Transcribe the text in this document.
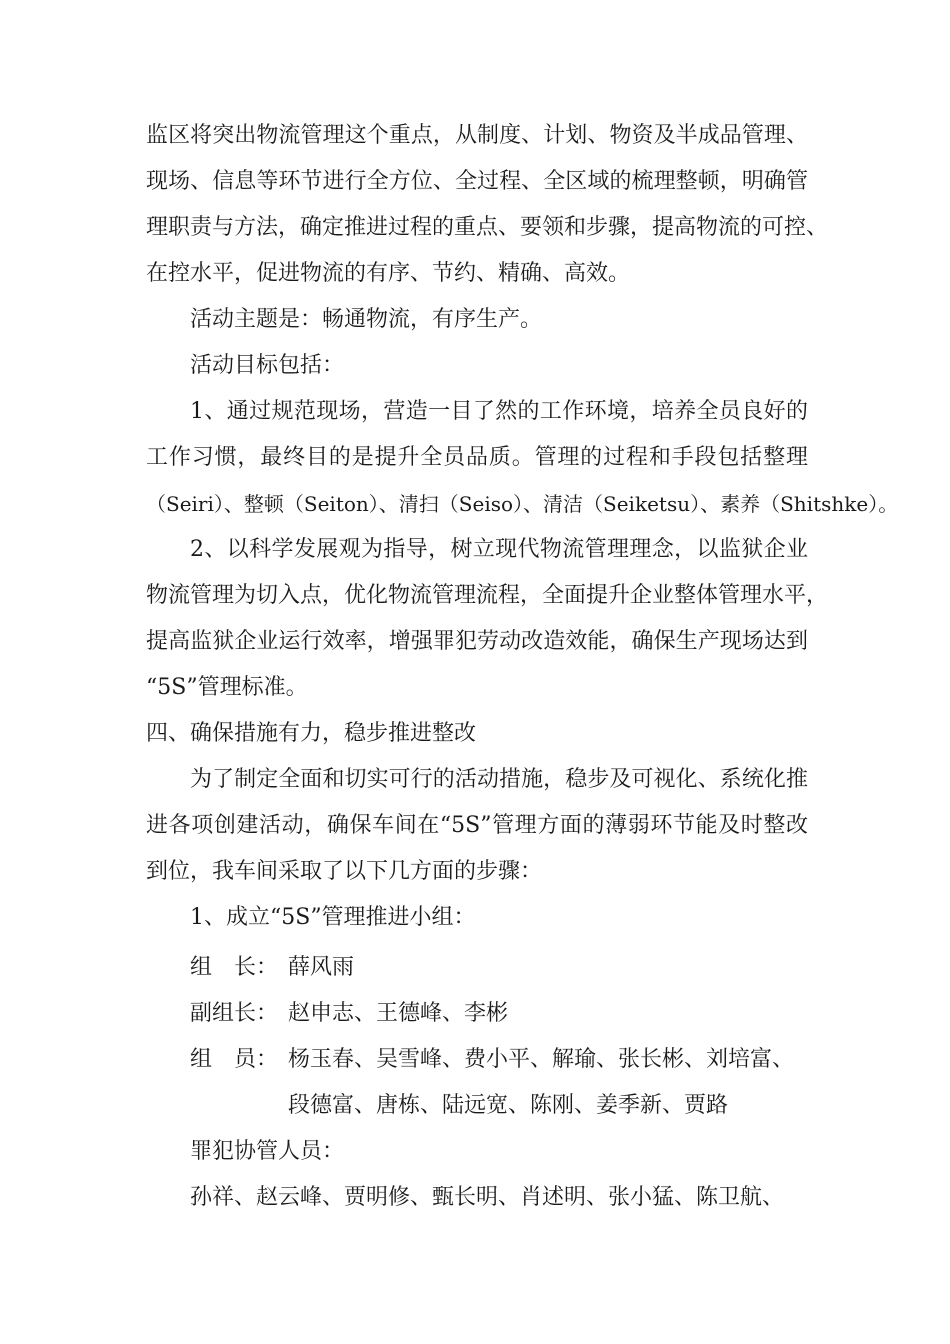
监区将突出物流管理这个重点，从制度、计划、物资及半成品管理、
现场、信息等环节进行全方位、全过程、全区域的梳理整顿，明确管
理职责与方法，确定推进过程的重点、要领和步骤，提高物流的可控、
在控水平，促进物流的有序、节约、精确、高效。
活动主题是：畅通物流，有序生产。
活动目标包括：
1、通过规范现场，营造一目了然的工作环境，培养全员良好的
工作习惯，最终目的是提升全员品质。管理的过程和手段包括整理
（Seiri）、整顿（Seiton）、清扫（Seiso）、清洁（Seiketsu）、素养（Shitshke）。
2、以科学发展观为指导，树立现代物流管理理念，以监狱企业
物流管理为切入点，优化物流管理流程，全面提升企业整体管理水平，
提高监狱企业运行效率，增强罪犯劳动改造效能，确保生产现场达到
“5S”管理标准。
四、确保措施有力，稳步推进整改
为了制定全面和切实可行的活动措施，稳步及可视化、系统化推
进各项创建活动，确保车间在“5S”管理方面的薄弱环节能及时整改
到位，我车间采取了以下几方面的步骤：
1、成立“5S”管理推进小组：
组　长： 薛风雨
副组长： 赵申志、王德峰、李彬
组　员： 杨玉春、吴雪峰、费小平、解瑜、张长彬、刘培富、
段德富、唐栋、陆远宽、陈刚、姜季新、贾路
罪犯协管人员：
孙祥、赵云峰、贾明修、甄长明、肖述明、张小猛、陈卫航、
